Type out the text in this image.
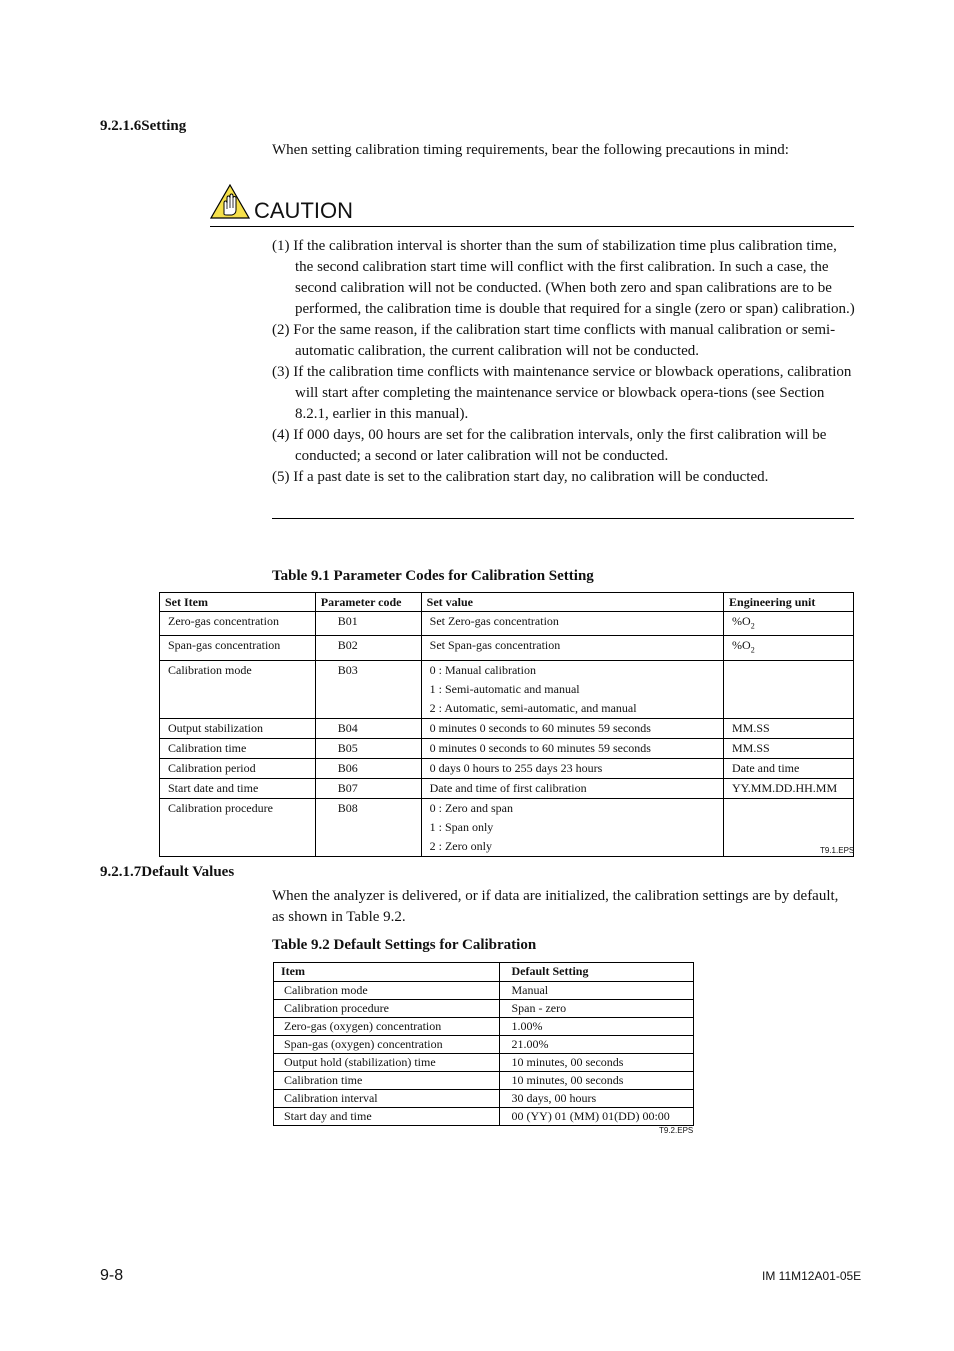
9.2.1.6Setting
When setting calibration timing requirements, bear the following precautions in mind:
CAUTION
(1) If the calibration interval is shorter than the sum of stabilization time plus calibration time, the second calibration start time will conflict with the first calibration. In such a case, the second calibration will not be conducted. (When both zero and span calibrations are to be performed, the calibration time is double that required for a single (zero or span) calibration.)
(2) For the same reason, if the calibration start time conflicts with manual calibration or semi-automatic calibration, the current calibration will not be conducted.
(3) If the calibration time conflicts with maintenance service or blowback operations, calibration will start after completing the maintenance service or blowback opera-tions (see Section 8.2.1, earlier in this manual).
(4) If 000 days, 00 hours are set for the calibration intervals, only the first calibration will be conducted; a second or later calibration will not be conducted.
(5) If a past date is set to the calibration start day, no calibration will be conducted.
Table 9.1 Parameter Codes for Calibration Setting
Set Item	Parameter code	Set value	Engineering unit
Zero-gas concentration	B01	Set Zero-gas concentration	$\%O_2$
Span-gas concentration	B02	Set Span-gas concentration	$\%O_2$
Calibration mode	B03	0 : Manual calibration
1 : Semi-automatic and manual
2 : Automatic, semi-automatic, and manual	

Output stabilization	B04	0 minutes 0 seconds to 60 minutes 59 seconds	MM.SS
Calibration time	B05	0 minutes 0 seconds to 60 minutes 59 seconds	MM.SS
Calibration period	B06	0 days 0 hours to 255 days 23 hours	Date and time
Start date and time	B07	Date and time of first calibration	YY.MM.DD.HH.MM
Calibration procedure	B08	0 : Zero and span
1 : Span only
2 : Zero only	
		T9.1.EPS
9.2.1.7Default Values
When the analyzer is delivered, or if data are initialized, the calibration settings are by default, as shown in Table 9.2.
Table 9.2 Default Settings for Calibration
Item	Default Setting
Calibration mode	Manual
Calibration procedure	Span - zero
Zero-gas (oxygen) concentration	1.00%
Span-gas (oxygen) concentration	21.00%
Output hold (stabilization) time	10 minutes, 00 seconds
Calibration time	10 minutes, 00 seconds
Calibration interval	30 days, 00 hours
Start day and time	00 (YY) 01 (MM) 01(DD) 00:00
T9.2.EPS
9-8	IM 11M12A01-05E
